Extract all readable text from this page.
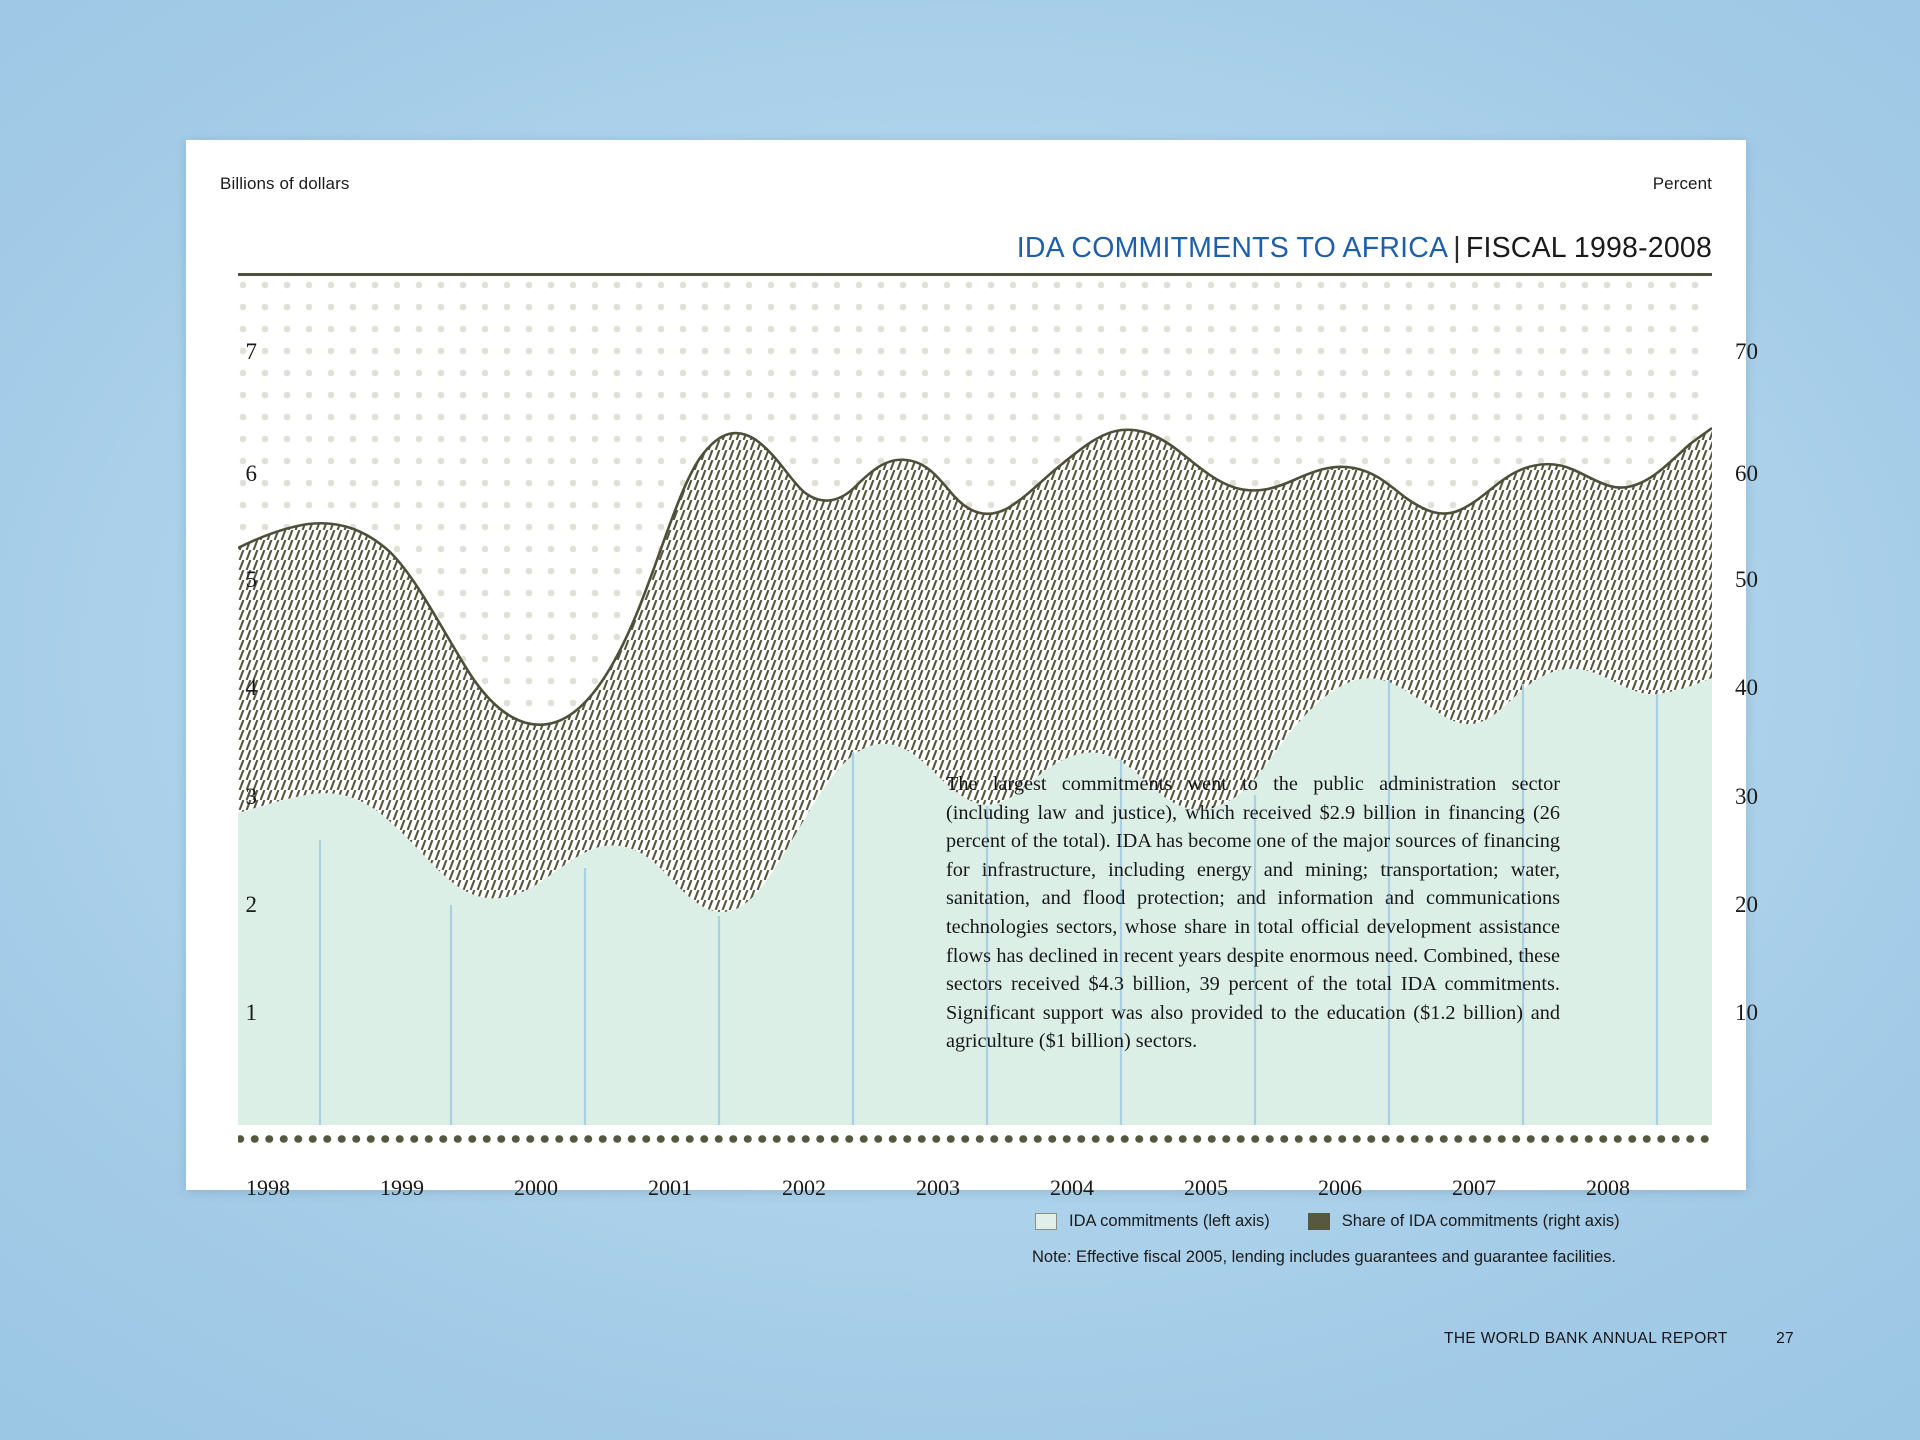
Billions of dollars	Percent
IDA COMMITMENTS TO AFRICA | FISCAL 1998-2008
7
6
5
4
3
2
1
70
60
50
40
30
20
10
1998	1999	2000	2001	2002	2003	2004	2005	2006	2007	2008
The largest commitments went to the public administration sector (including law and justice), which received $2.9 billion in financing (26 percent of the total). IDA has become one of the major sources of financing for infrastructure, including energy and mining; transportation; water, sanitation, and flood protection; and information and communications technologies sectors, whose share in total official development assistance flows has declined in recent years despite enormous need. Combined, these sectors received $4.3 billion, 39 percent of the total IDA commitments. Significant support was also provided to the education ($1.2 billion) and agriculture ($1 billion) sectors.
IDA commitments (left axis)	Share of IDA commitments (right axis)
Note: Effective fiscal 2005, lending includes guarantees and guarantee facilities.
THE WORLD BANK ANNUAL REPORT	27
